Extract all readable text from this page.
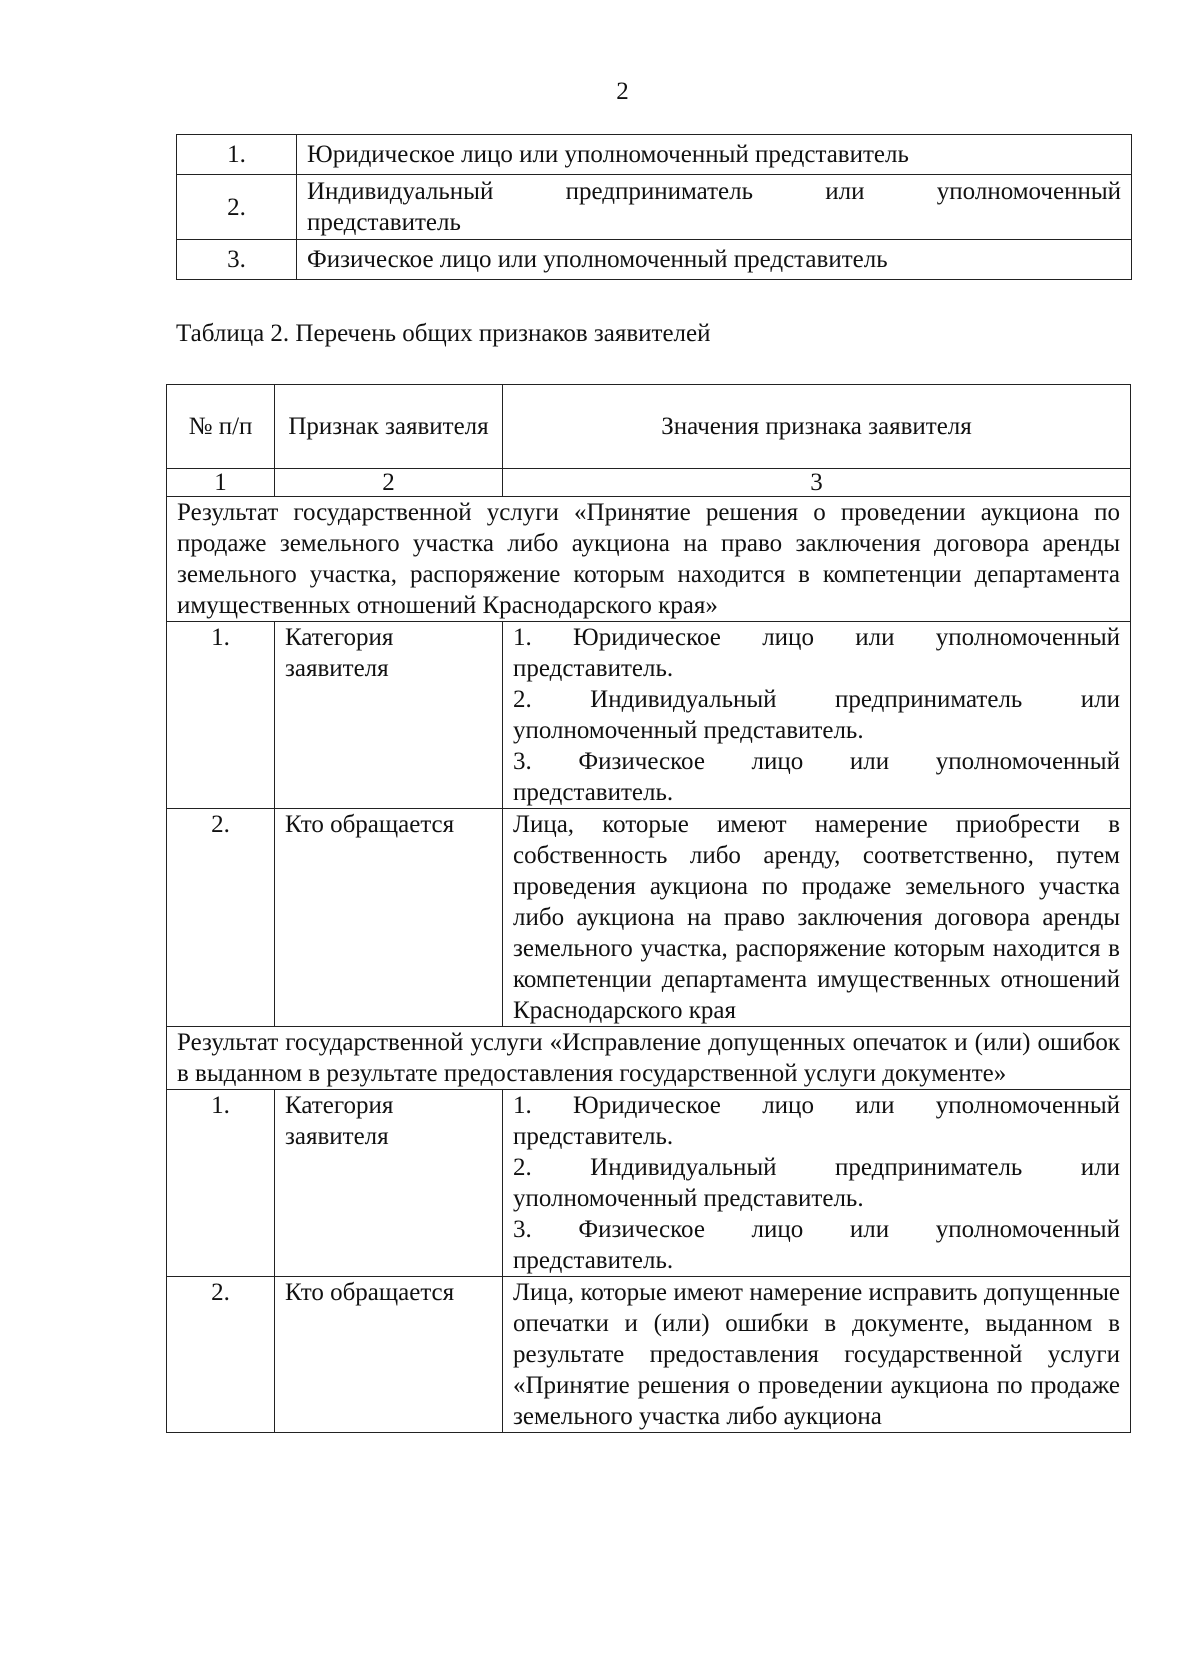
2
1.	Юридическое лицо или уполномоченный представитель
2.	Индивидуальный предприниматель или уполномоченный
представитель

3.	Физическое лицо или уполномоченный представитель
Таблица 2. Перечень общих признаков заявителей
№ п/п	Признак заявителя	Значения признака заявителя
1	2	3
Результат государственной услуги «Принятие решения о проведении аукциона по продаже земельного участка либо аукциона на право заключения договора аренды земельного участка, распоряжение которым находится в компетенции департамента имущественных отношений Краснодарского края»		
1.	Категория заявителя	1. Юридическое лицо или уполномоченный представитель.
2. Индивидуальный предприниматель или уполномоченный представитель.
3. Физическое лицо или уполномоченный представитель.

2.	Кто обращается	Лица, которые имеют намерение приобрести в собственность либо аренду, соответственно, путем проведения аукциона по продаже земельного участка либо аукциона на право заключения договора аренды земельного участка, распоряжение которым находится в компетенции департамента имущественных отношений Краснодарского края
Результат государственной услуги «Исправление допущенных опечаток и (или) ошибок в выданном в результате предоставления государственной услуги документе»		
1.	Категория заявителя	1. Юридическое лицо или уполномоченный представитель.
2. Индивидуальный предприниматель или уполномоченный представитель.
3. Физическое лицо или уполномоченный представитель.

2.	Кто обращается	Лица, которые имеют намерение исправить допущенные опечатки и (или) ошибки в документе, выданном в результате предоставления государственной услуги «Принятие решения о проведении аукциона по продаже земельного участка либо аукциона
